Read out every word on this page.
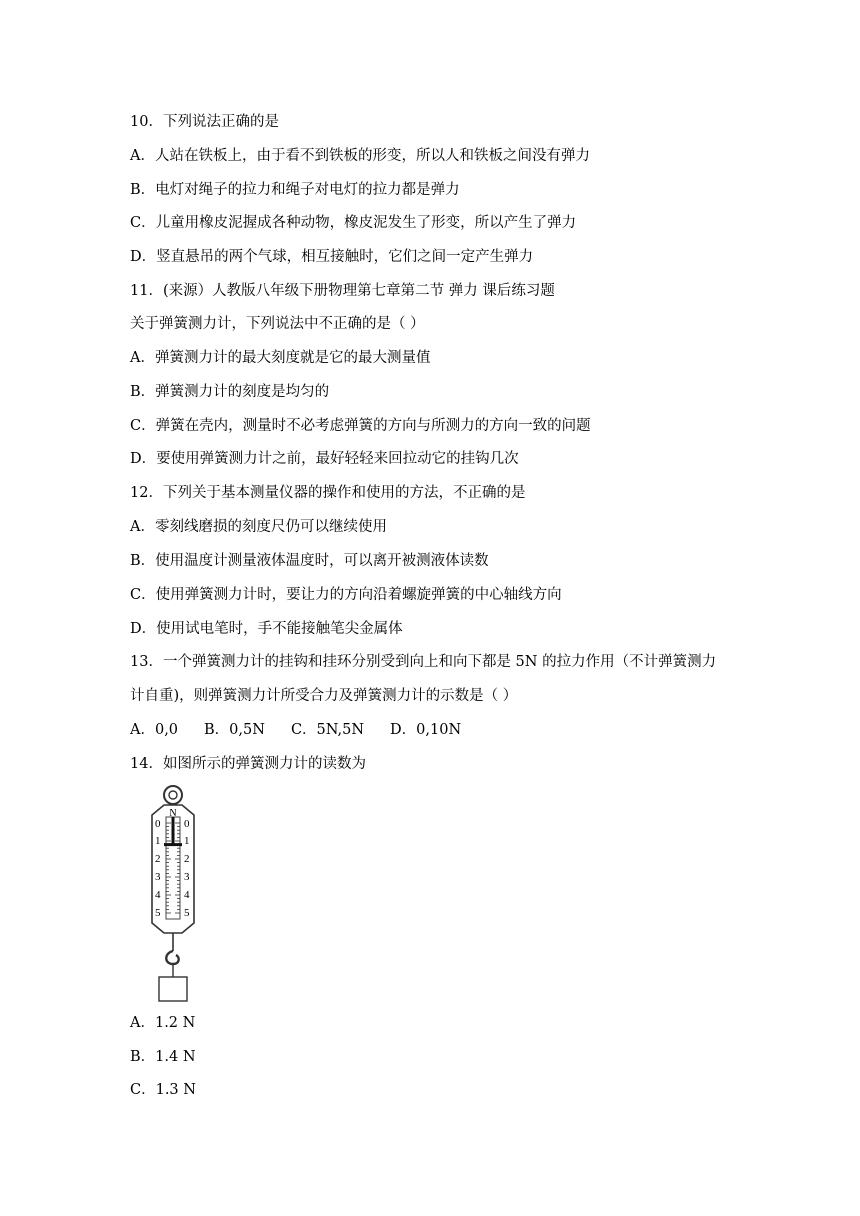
10．下列说法正确的是

A．人站在铁板上，由于看不到铁板的形变，所以人和铁板之间没有弹力

B．电灯对绳子的拉力和绳子对电灯的拉力都是弹力

C．儿童用橡皮泥握成各种动物，橡皮泥发生了形变，所以产生了弹力

D．竖直悬吊的两个气球，相互接触时，它们之间一定产生弹力

11．(来源）人教版八年级下册物理第七章第二节 弹力 课后练习题

关于弹簧测力计，下列说法中不正确的是（ ）

A．弹簧测力计的最大刻度就是它的最大测量值

B．弹簧测力计的刻度是均匀的

C．弹簧在壳内，测量时不必考虑弹簧的方向与所测力的方向一致的问题

D．要使用弹簧测力计之前，最好轻轻来回拉动它的挂钩几次

12．下列关于基本测量仪器的操作和使用的方法，不正确的是

A．零刻线磨损的刻度尺仍可以继续使用

B．使用温度计测量液体温度时，可以离开被测液体读数

C．使用弹簧测力计时，要让力的方向沿着螺旋弹簧的中心轴线方向

D．使用试电笔时，手不能接触笔尖金属体

13．一个弹簧测力计的挂钩和挂环分别受到向上和向下都是 5N 的拉力作用（不计弹簧测力

计自重)，则弹簧测力计所受合力及弹簧测力计的示数是（ ）

A．0,0 B．0,5N C．5N,5N D．0,10N

14．如图所示的弹簧测力计的读数为

N
0
1
2
3
4
5
0
1
2
3
4
5

A．1.2 N

B．1.4 N

C．1.3 N
